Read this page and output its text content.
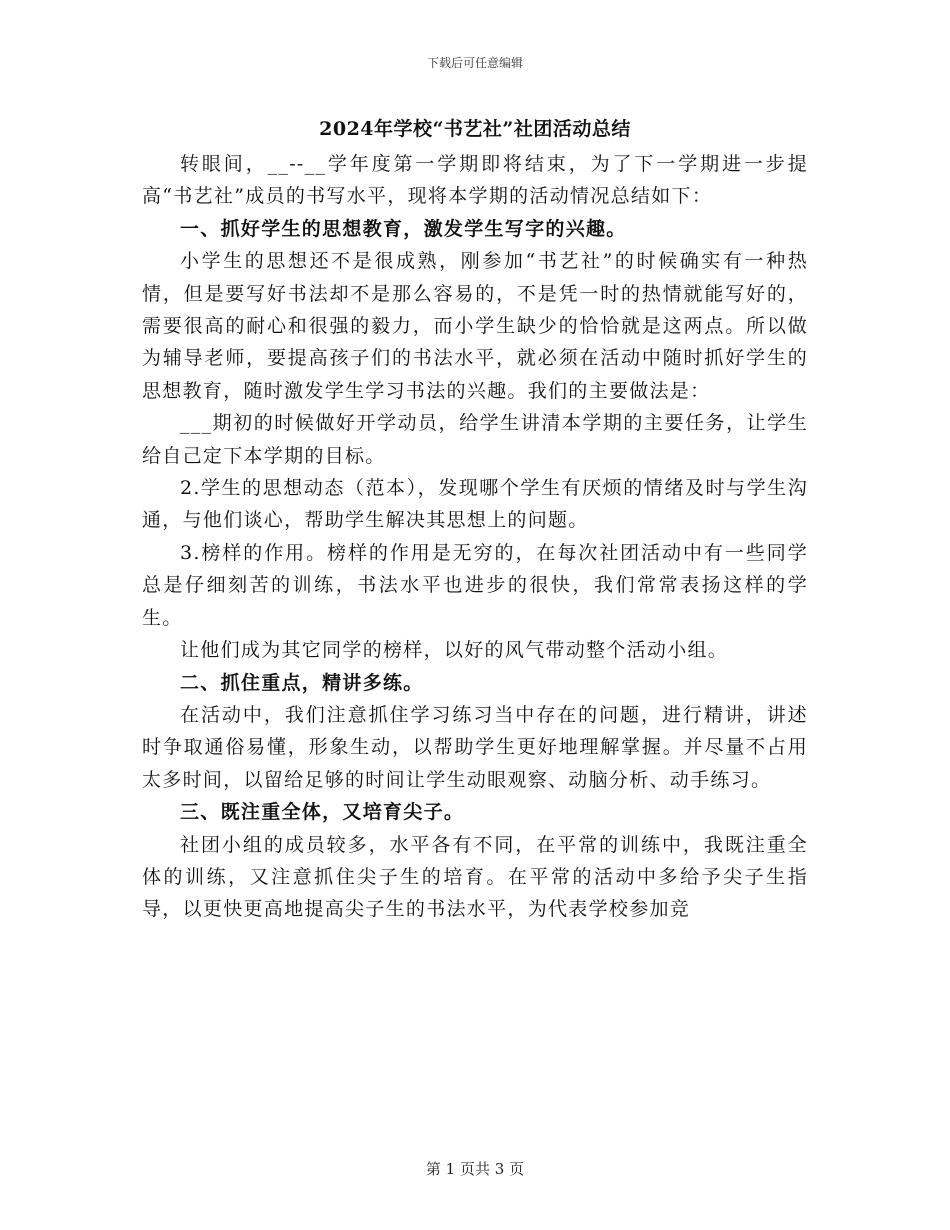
下载后可任意编辑
2024年学校“书艺社”社团活动总结

转眼间，__--__学年度第一学期即将结束，为了下一学期进一步提高“书艺社”成员的书写水平，现将本学期的活动情况总结如下：

一、抓好学生的思想教育，激发学生写字的兴趣。

小学生的思想还不是很成熟，刚参加“书艺社”的时候确实有一种热情，但是要写好书法却不是那么容易的，不是凭一时的热情就能写好的，需要很高的耐心和很强的毅力，而小学生缺少的恰恰就是这两点。所以做为辅导老师，要提高孩子们的书法水平，就必须在活动中随时抓好学生的思想教育，随时激发学生学习书法的兴趣。我们的主要做法是：

___期初的时候做好开学动员，给学生讲清本学期的主要任务，让学生给自己定下本学期的目标。

2.学生的思想动态（范本），发现哪个学生有厌烦的情绪及时与学生沟通，与他们谈心，帮助学生解决其思想上的问题。

3.榜样的作用。榜样的作用是无穷的，在每次社团活动中有一些同学总是仔细刻苦的训练，书法水平也进步的很快，我们常常表扬这样的学生。

让他们成为其它同学的榜样，以好的风气带动整个活动小组。

二、抓住重点，精讲多练。

在活动中，我们注意抓住学习练习当中存在的问题，进行精讲，讲述时争取通俗易懂，形象生动，以帮助学生更好地理解掌握。并尽量不占用太多时间，以留给足够的时间让学生动眼观察、动脑分析、动手练习。

三、既注重全体，又培育尖子。

社团小组的成员较多，水平各有不同，在平常的训练中，我既注重全体的训练，又注意抓住尖子生的培育。在平常的活动中多给予尖子生指导，以更快更高地提高尖子生的书法水平，为代表学校参加竞

第 1 页共 3 页
